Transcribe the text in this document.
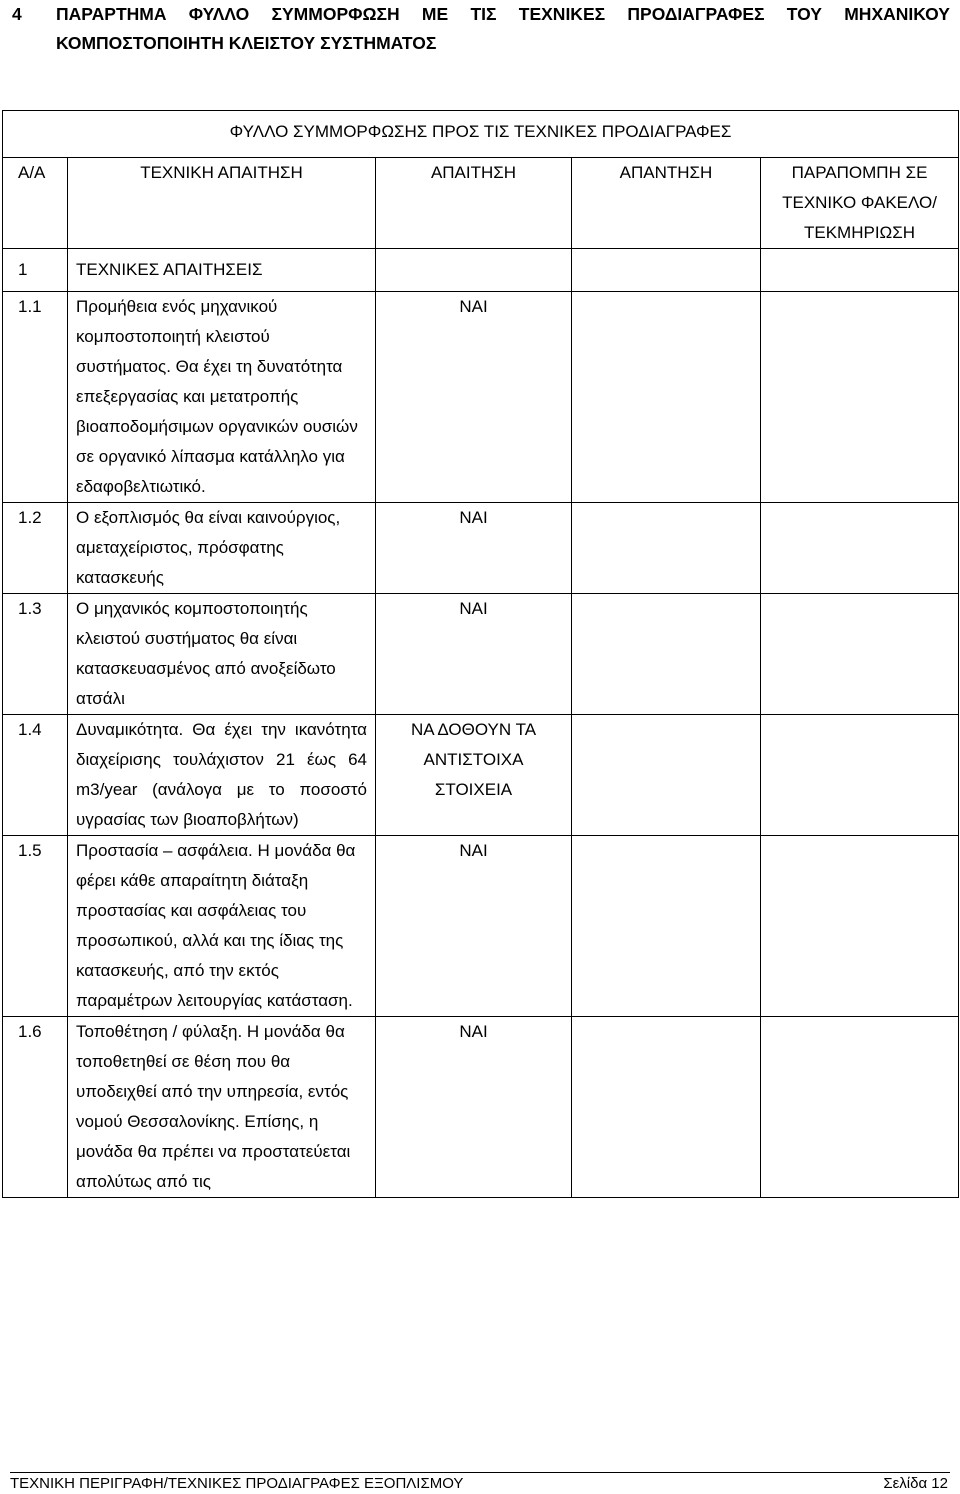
4	ΠΑΡΑΡΤΗΜΑ ΦΥΛΛΟ ΣΥΜΜΟΡΦΩΣΗ ΜΕ ΤΙΣ ΤΕΧΝΙΚΕΣ ΠΡΟΔΙΑΓΡΑΦΕΣ ΤΟΥ ΜΗΧΑΝΙΚΟΥ
ΚΟΜΠΟΣΤΟΠΟΙΗΤΗ ΚΛΕΙΣΤΟΥ ΣΥΣΤΗΜΑΤΟΣ
ΦΥΛΛΟ ΣΥΜΜΟΡΦΩΣΗΣ ΠΡΟΣ ΤΙΣ ΤΕΧΝΙΚΕΣ ΠΡΟΔΙΑΓΡΑΦΕΣ				
Α/Α	ΤΕΧΝΙΚΗ ΑΠΑΙΤΗΣΗ	ΑΠΑΙΤΗΣΗ	ΑΠΑΝΤΗΣΗ	ΠΑΡΑΠΟΜΠΗ ΣΕ ΤΕΧΝΙΚΟ ΦΑΚΕΛΟ/ ΤΕΚΜΗΡΙΩΣΗ
1	ΤΕΧΝΙΚΕΣ ΑΠΑΙΤΗΣΕΙΣ			
1.1	Προμήθεια ενός μηχανικού κομποστοποιητή κλειστού συστήματος. Θα έχει τη δυνατότητα επεξεργασίας και μετατροπής βιοαποδομήσιμων οργανικών ουσιών σε οργανικό λίπασμα κατάλληλο για εδαφοβελτιωτικό.	ΝΑΙ		
1.2	Ο εξοπλισμός θα είναι καινούργιος, αμεταχείριστος, πρόσφατης κατασκευής	ΝΑΙ		
1.3	Ο μηχανικός κομποστοποιητής κλειστού συστήματος θα είναι κατασκευασμένος από ανοξείδωτο ατσάλι	ΝΑΙ		
1.4	Δυναμικότητα. Θα έχει την ικανότητα διαχείρισης τουλάχιστον 21 έως 64 m3/year (ανάλογα με το ποσοστό υγρασίας των βιοαποβλήτων)	ΝΑ ΔΟΘΟΥΝ ΤΑ ΑΝΤΙΣΤΟΙΧΑ ΣΤΟΙΧΕΙΑ		
1.5	Προστασία – ασφάλεια. Η μονάδα θα φέρει κάθε απαραίτητη διάταξη προστασίας και ασφάλειας του προσωπικού, αλλά και της ίδιας της κατασκευής, από την εκτός παραμέτρων λειτουργίας κατάσταση.	ΝΑΙ		
1.6	Τοποθέτηση / φύλαξη. Η μονάδα θα τοποθετηθεί σε θέση που θα υποδειχθεί από την υπηρεσία, εντός νομού Θεσσαλονίκης. Επίσης, η μονάδα θα πρέπει να προστατεύεται απολύτως από τις	ΝΑΙ		
ΤΕΧΝΙΚΗ ΠΕΡΙΓΡΑΦΗ/ΤΕΧΝΙΚΕΣ ΠΡΟΔΙΑΓΡΑΦΕΣ ΕΞΟΠΛΙΣΜΟΥ	Σελίδα 12
